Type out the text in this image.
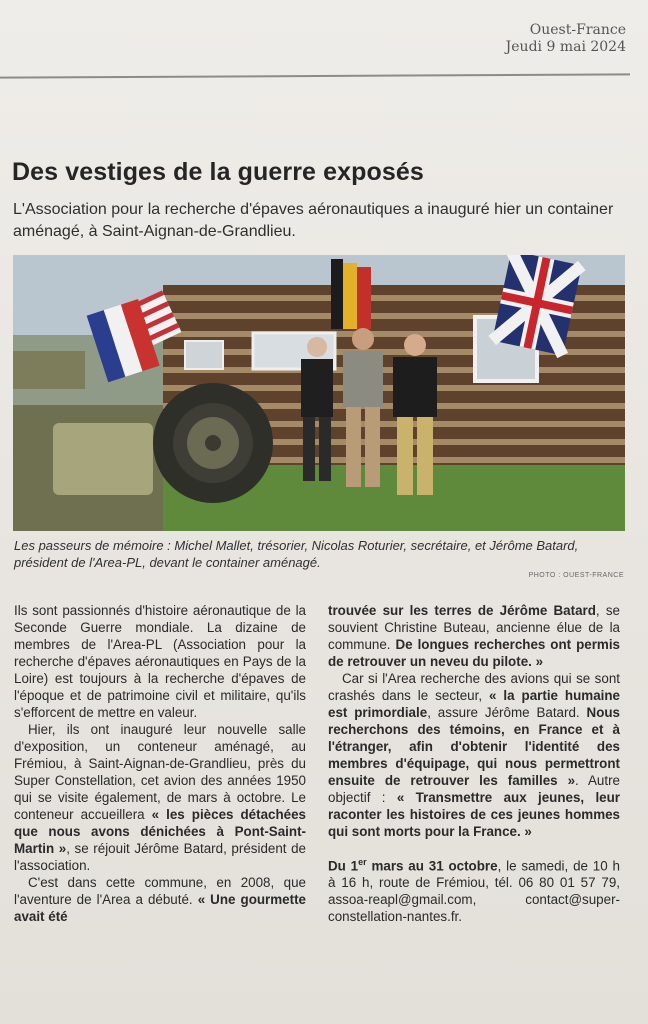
Ouest-France
Jeudi 9 mai 2024
Des vestiges de la guerre exposés

L'Association pour la recherche d'épaves aéronautiques a inauguré hier un container aménagé, à Saint-Aignan-de-Grandlieu.

Les passeurs de mémoire : Michel Mallet, trésorier, Nicolas Roturier, secrétaire, et Jérôme Batard, président de l'Area-PL, devant le container aménagé.

PHOTO : OUEST-FRANCE

Ils sont passionnés d'histoire aéronautique de la Seconde Guerre mondiale. La dizaine de membres de l'Area-PL (Association pour la recherche d'épaves aéronautiques en Pays de la Loire) est toujours à la recherche d'épaves de l'époque et de patrimoine civil et militaire, qu'ils s'efforcent de mettre en valeur.

Hier, ils ont inauguré leur nouvelle salle d'exposition, un conteneur aménagé, au Frémiou, à Saint-Aignan-de-Grandlieu, près du Super Constellation, cet avion des années 1950 qui se visite également, de mars à octobre. Le conteneur accueillera « les pièces détachées que nous avons dénichées à Pont-Saint-Martin », se réjouit Jérôme Batard, président de l'association.

C'est dans cette commune, en 2008, que l'aventure de l'Area a débuté. « Une gourmette avait été

trouvée sur les terres de Jérôme Batard, se souvient Christine Buteau, ancienne élue de la commune. De longues recherches ont permis de retrouver un neveu du pilote. »

Car si l'Area recherche des avions qui se sont crashés dans le secteur, « la partie humaine est primordiale, assure Jérôme Batard. Nous recherchons des témoins, en France et à l'étranger, afin d'obtenir l'identité des membres d'équipage, qui nous permettront ensuite de retrouver les familles ». Autre objectif : « Transmettre aux jeunes, leur raconter les histoires de ces jeunes hommes qui sont morts pour la France. »

Du 1er mars au 31 octobre, le samedi, de 10 h à 16 h, route de Frémiou, tél. 06 80 01 57 79, assoa-reapl@gmail.com, contact@super-constellation-nantes.fr.
